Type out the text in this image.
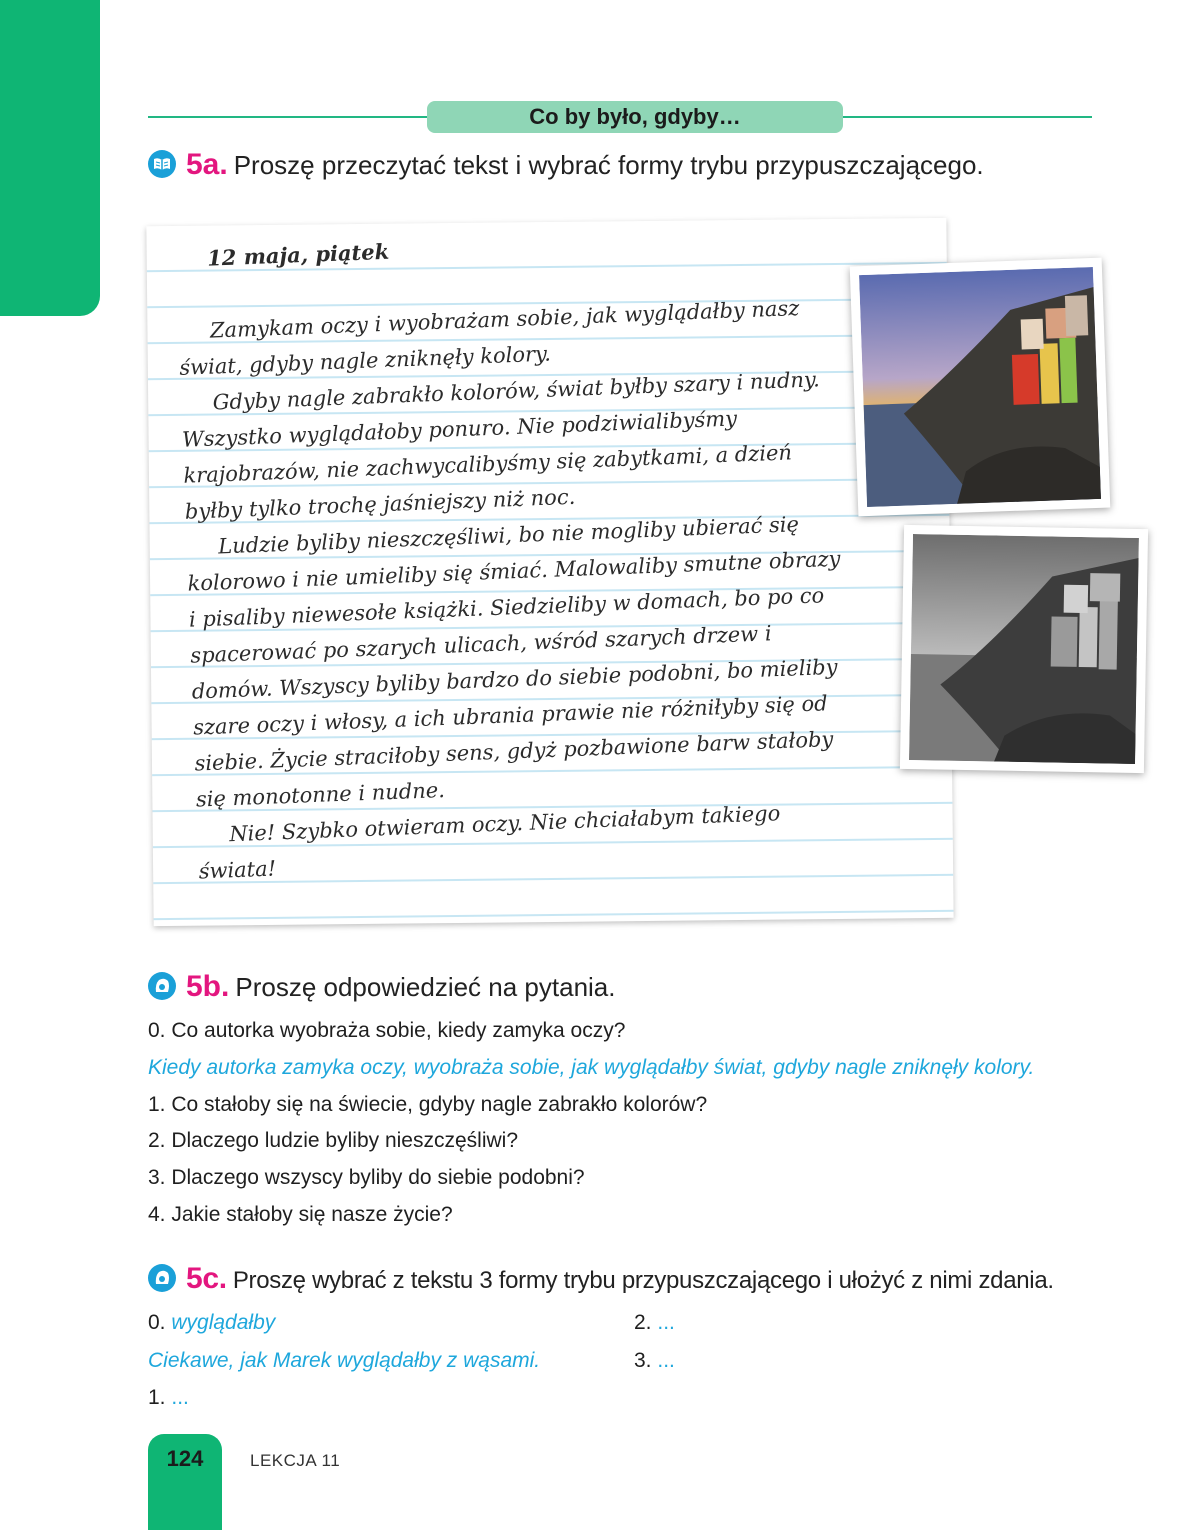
Co by było, gdyby…
5a. Proszę przeczytać tekst i wybrać formy trybu przypuszczającego.
12 maja, piątek

Zamykam oczy i wyobrażam sobie, jak wyglądałby nasz świat, gdyby nagle zniknęły kolory.

Gdyby nagle zabrakło kolorów, świat byłby szary i nudny. Wszystko wyglądałoby ponuro. Nie podziwialibyśmy krajobrazów, nie zachwycalibyśmy się zabytkami, a dzień byłby tylko trochę jaśniejszy niż noc.

Ludzie byliby nieszczęśliwi, bo nie mogliby ubierać się kolorowo i nie umieliby się śmiać. Malowaliby smutne obrazy i pisaliby niewesołe książki. Siedzieliby w domach, bo po co spacerować po szarych ulicach, wśród szarych drzew i domów. Wszyscy byliby bardzo do siebie podobni, bo mieliby szare oczy i włosy, a ich ubrania prawie nie różniłyby się od siebie. Życie straciłoby sens, gdyż pozbawione barw stałoby się monotonne i nudne.

Nie! Szybko otwieram oczy. Nie chciałabym takiego świata!

5b. Proszę odpowiedzieć na pytania.
0. Co autorka wyobraża sobie, kiedy zamyka oczy?
Kiedy autorka zamyka oczy, wyobraża sobie, jak wyglądałby świat, gdyby nagle zniknęły kolory.
1. Co stałoby się na świecie, gdyby nagle zabrakło kolorów?
2. Dlaczego ludzie byliby nieszczęśliwi?
3. Dlaczego wszyscy byliby do siebie podobni?
4. Jakie stałoby się nasze życie?
5c. Proszę wybrać z tekstu 3 formy trybu przypuszczającego i ułożyć z nimi zdania.
0. wyglądałby
Ciekawe, jak Marek wyglądałby z wąsami.
1. ...
2. ...
3. ...
124	LEKCJA 11
